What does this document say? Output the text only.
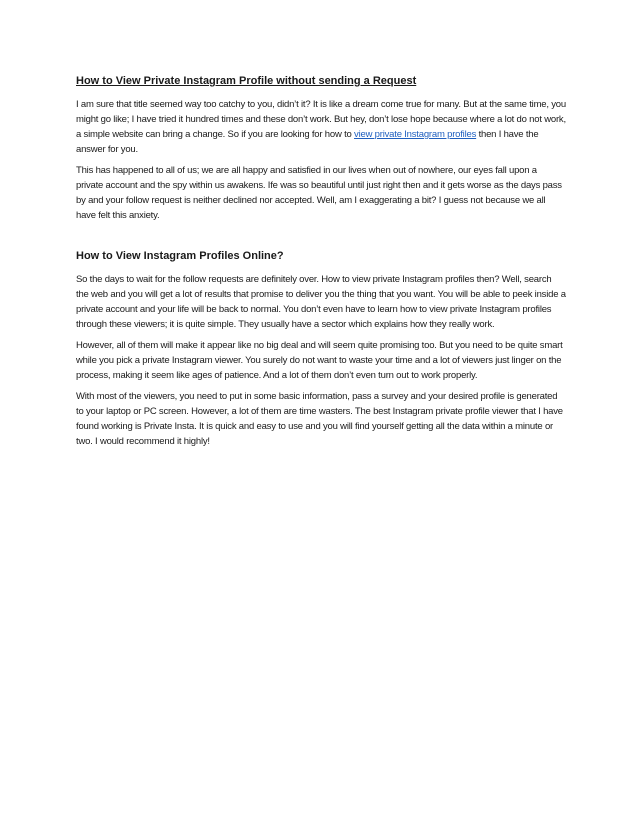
How to View Private Instagram Profile without sending a Request

I am sure that title seemed way too catchy to you, didn’t it? It is like a dream come true for many. But at the same time, you might go like; I have tried it hundred times and these don’t work. But hey, don’t lose hope because where a lot do not work, a simple website can bring a change. So if you are looking for how to view private Instagram profiles then I have the answer for you.

This has happened to all of us; we are all happy and satisfied in our lives when out of nowhere, our eyes fall upon a private account and the spy within us awakens. Ife was so beautiful until just right then and it gets worse as the days pass by and your follow request is neither declined nor accepted. Well, am I exaggerating a bit? I guess not because we all have felt this anxiety.

How to View Instagram Profiles Online?

So the days to wait for the follow requests are definitely over. How to view private Instagram profiles then? Well, search the web and you will get a lot of results that promise to deliver you the thing that you want. You will be able to peek inside a private account and your life will be back to normal. You don’t even have to learn how to view private Instagram profiles through these viewers; it is quite simple. They usually have a sector which explains how they really work.

However, all of them will make it appear like no big deal and will seem quite promising too. But you need to be quite smart while you pick a private Instagram viewer. You surely do not want to waste your time and a lot of viewers just linger on the process, making it seem like ages of patience. And a lot of them don’t even turn out to work properly.

With most of the viewers, you need to put in some basic information, pass a survey and your desired profile is generated to your laptop or PC screen. However, a lot of them are time wasters. The best Instagram private profile viewer that I have found working is Private Insta. It is quick and easy to use and you will find yourself getting all the data within a minute or two. I would recommend it highly!
